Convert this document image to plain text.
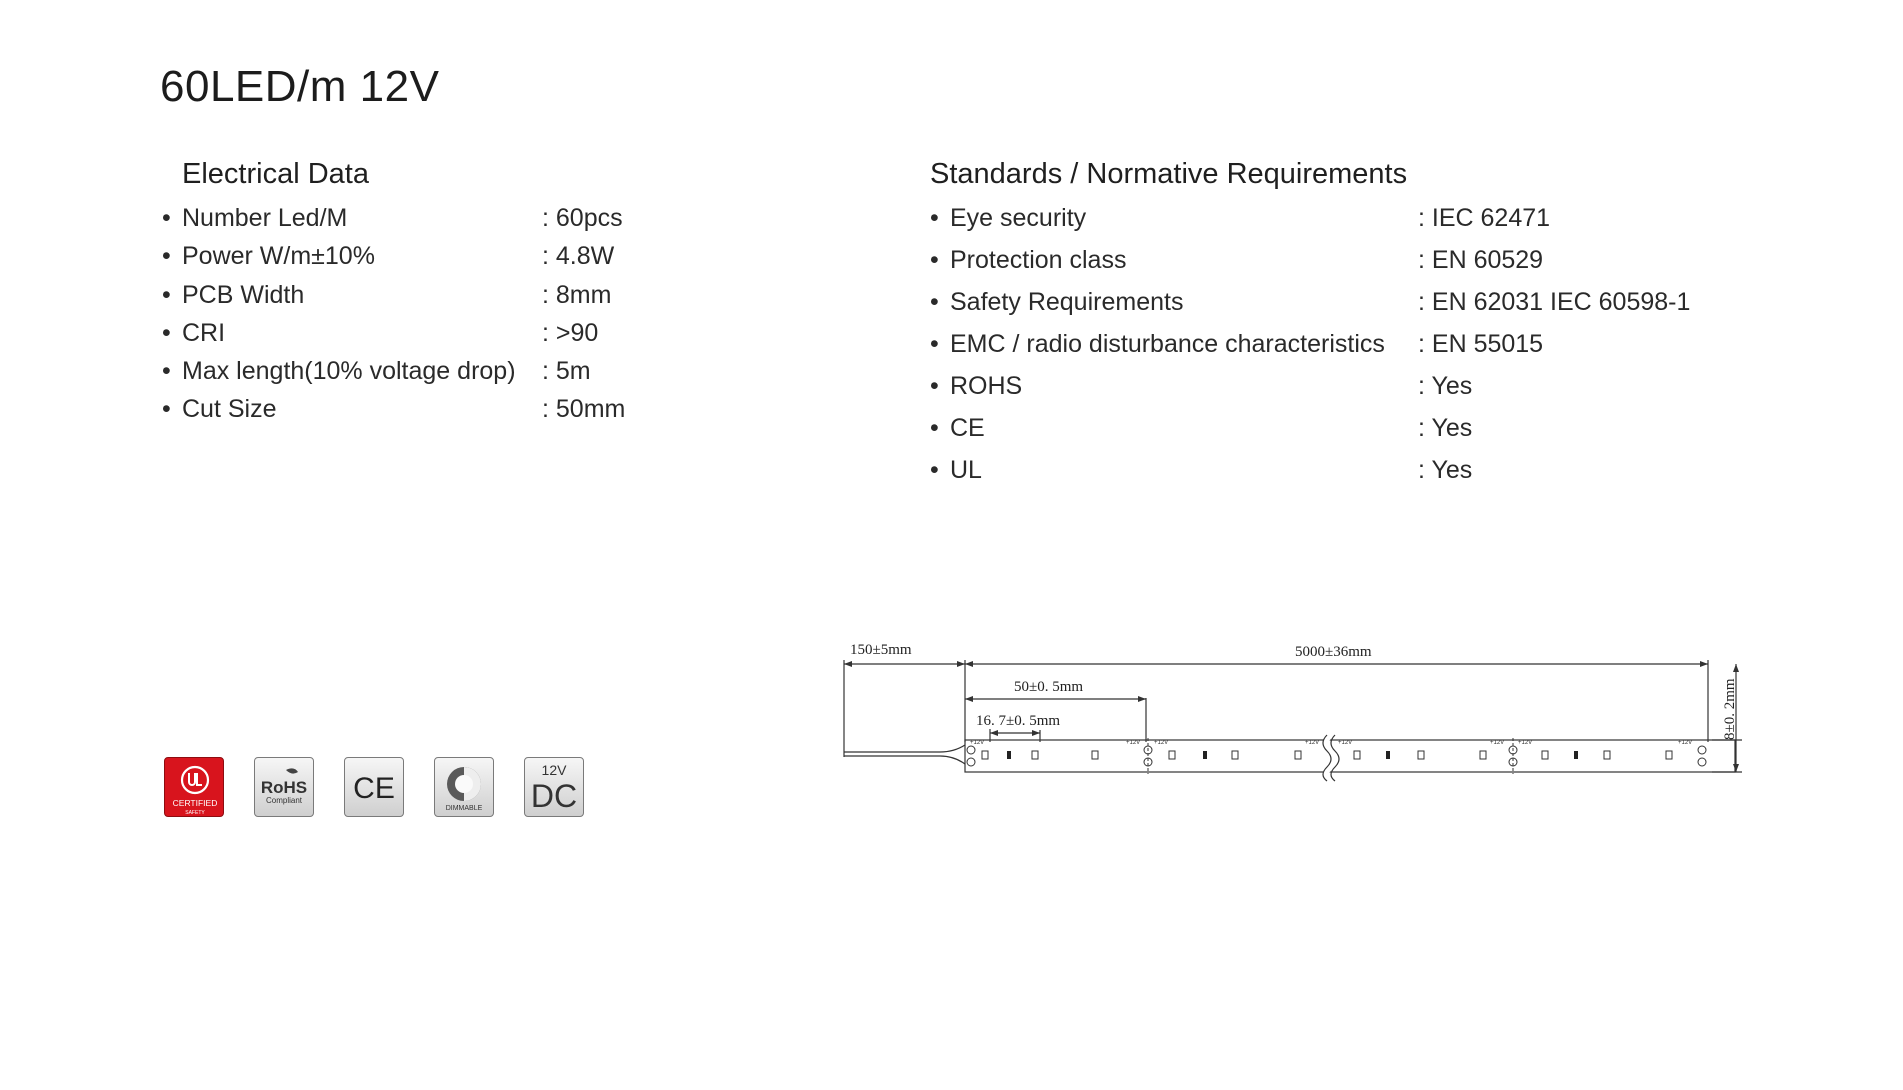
60LED/m 12V
Electrical Data
• Number Led/M	: 60pcs
• Power W/m±10%	: 4.8W
• PCB Width	: 8mm
• CRI	: >90
• Max length(10% voltage drop) : 5m
• Cut Size	: 50mm
Standards / Normative Requirements
• Eye security	: IEC 62471
• Protection class	: EN 60529
• Safety Requirements	: EN 62031 IEC 60598-1
• EMC / radio disturbance characteristics : EN 55015
• ROHS	: Yes
• CE	: Yes
• UL	: Yes
CERTIFIED
SAFETY
RoHS
Compliant CE
DIMMABLE
12V
DC
+12V	+12V +12V	+12V	+12V	+12V +12V	+12V
150±5mm	5000±36mm
50±0. 5mm
16. 7±0. 5mm	8±0. 2mm
